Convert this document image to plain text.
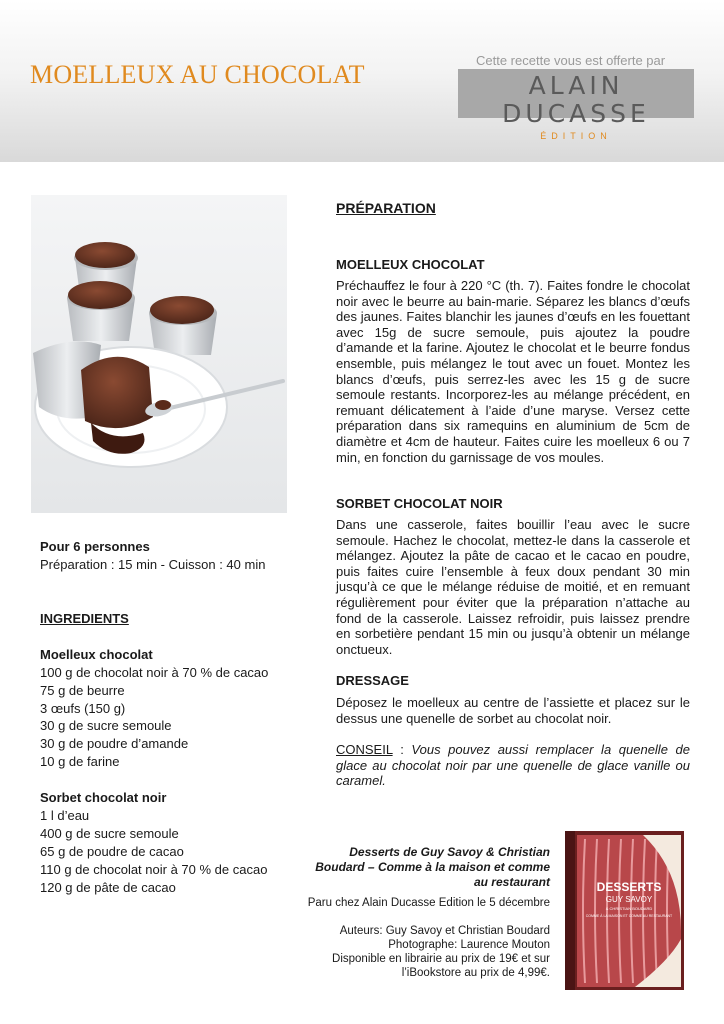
MOELLEUX AU CHOCOLAT	Cette recette vous est offerte par
ALAIN DUCASSE
ÉDITION
Pour 6 personnes
Préparation : 15 min - Cuisson : 40 min
INGREDIENTS
Moelleux chocolat
100 g de chocolat noir à 70 % de cacao
75 g de beurre
3 œufs (150 g)
30 g de sucre semoule
30 g de poudre d’amande
10 g de farine
Sorbet chocolat noir
1 l d’eau
400 g de sucre semoule
65 g de poudre de cacao
110 g de chocolat noir à 70 % de cacao
120 g de pâte de cacao
PRÉPARATION
MOELLEUX CHOCOLAT
Préchauffez le four à 220 °C (th. 7). Faites fondre le chocolat noir avec le beurre au bain-marie. Séparez les blancs d’œufs des jaunes. Faites blanchir les jaunes d’œufs en les fouettant avec 15g de sucre semoule, puis ajoutez la poudre d’amande et la farine. Ajoutez le chocolat et le beurre fondus ensemble, puis mélangez le tout avec un fouet. Montez les blancs d’œufs, puis serrez-les avec les 15 g de sucre semoule restants. Incorporez-les au mélange précédent, en remuant délicatement à l’aide d’une maryse. Versez cette préparation dans six ramequins en aluminium de 5cm de diamètre et 4cm de hauteur. Faites cuire les moelleux 6 ou 7 min, en fonction du garnissage de vos moules.
SORBET CHOCOLAT NOIR
Dans une casserole, faites bouillir l’eau avec le sucre semoule. Hachez le chocolat, mettez-le dans la casserole et mélangez. Ajoutez la pâte de cacao et le cacao en poudre, puis faites cuire l’ensemble à feux doux pendant 30 min jusqu’à ce que le mélange réduise de moitié, et en remuant régulièrement pour éviter que la préparation n’attache au fond de la casserole. Laissez refroidir, puis laissez prendre en sorbetière pendant 15 min ou jusqu’à obtenir un mélange onctueux.
DRESSAGE
Déposez le moelleux au centre de l’assiette et placez sur le dessus une quenelle de sorbet au chocolat noir.
CONSEIL : Vous pouvez aussi remplacer la quenelle de glace au chocolat noir par une quenelle de glace vanille ou caramel.
Desserts de Guy Savoy & Christian Boudard – Comme à la maison et comme au restaurant
Paru chez Alain Ducasse Edition le 5 décembre
Auteurs: Guy Savoy et Christian Boudard
Photographe: Laurence Mouton
Disponible en librairie au prix de 19€ et sur l’iBookstore au prix de 4,99€.
DESSERTS
GUY SAVOY
& CHRISTIAN BOUDARD
COMME À LA MAISON ET COMME AU RESTAURANT
